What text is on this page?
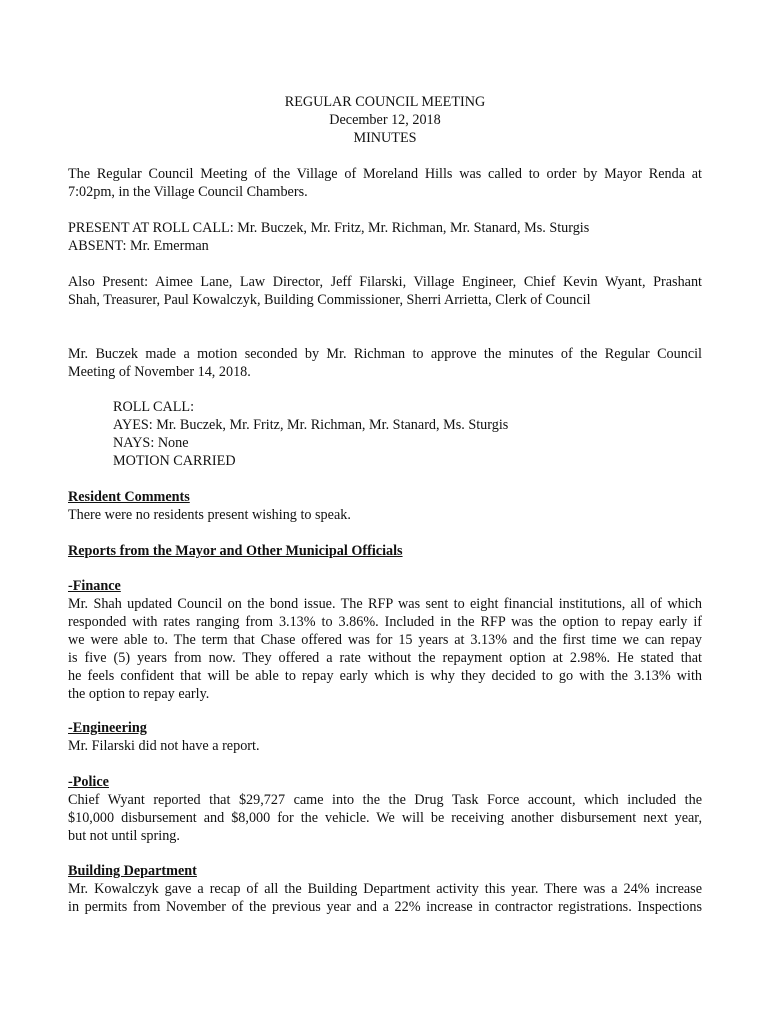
REGULAR COUNCIL MEETING
December 12, 2018
MINUTES
The Regular Council Meeting of the Village of Moreland Hills was called to order by Mayor Renda at
7:02pm, in the Village Council Chambers.
PRESENT AT ROLL CALL: Mr. Buczek, Mr. Fritz, Mr. Richman, Mr. Stanard, Ms. Sturgis
ABSENT: Mr. Emerman
Also Present: Aimee Lane, Law Director, Jeff Filarski, Village Engineer, Chief Kevin Wyant, Prashant
Shah, Treasurer, Paul Kowalczyk, Building Commissioner, Sherri Arrietta, Clerk of Council
Mr. Buczek made a motion seconded by Mr. Richman to approve the minutes of the Regular Council
Meeting of November 14, 2018.
ROLL CALL:
AYES: Mr. Buczek, Mr. Fritz, Mr. Richman, Mr. Stanard, Ms. Sturgis
NAYS: None
MOTION CARRIED
Resident Comments
There were no residents present wishing to speak.
Reports from the Mayor and Other Municipal Officials
-Finance
Mr. Shah updated Council on the bond issue. The RFP was sent to eight financial institutions, all of which
responded with rates ranging from 3.13% to 3.86%. Included in the RFP was the option to repay early if
we were able to. The term that Chase offered was for 15 years at 3.13% and the first time we can repay
is five (5) years from now. They offered a rate without the repayment option at 2.98%. He stated that
he feels confident that will be able to repay early which is why they decided to go with the 3.13% with
the option to repay early.
-Engineering
Mr. Filarski did not have a report.
-Police
Chief Wyant reported that $29,727 came into the the Drug Task Force account, which included the
$10,000 disbursement and $8,000 for the vehicle. We will be receiving another disbursement next year,
but not until spring.
Building Department
Mr. Kowalczyk gave a recap of all the Building Department activity this year. There was a 24% increase
in permits from November of the previous year and a 22% increase in contractor registrations. Inspections
